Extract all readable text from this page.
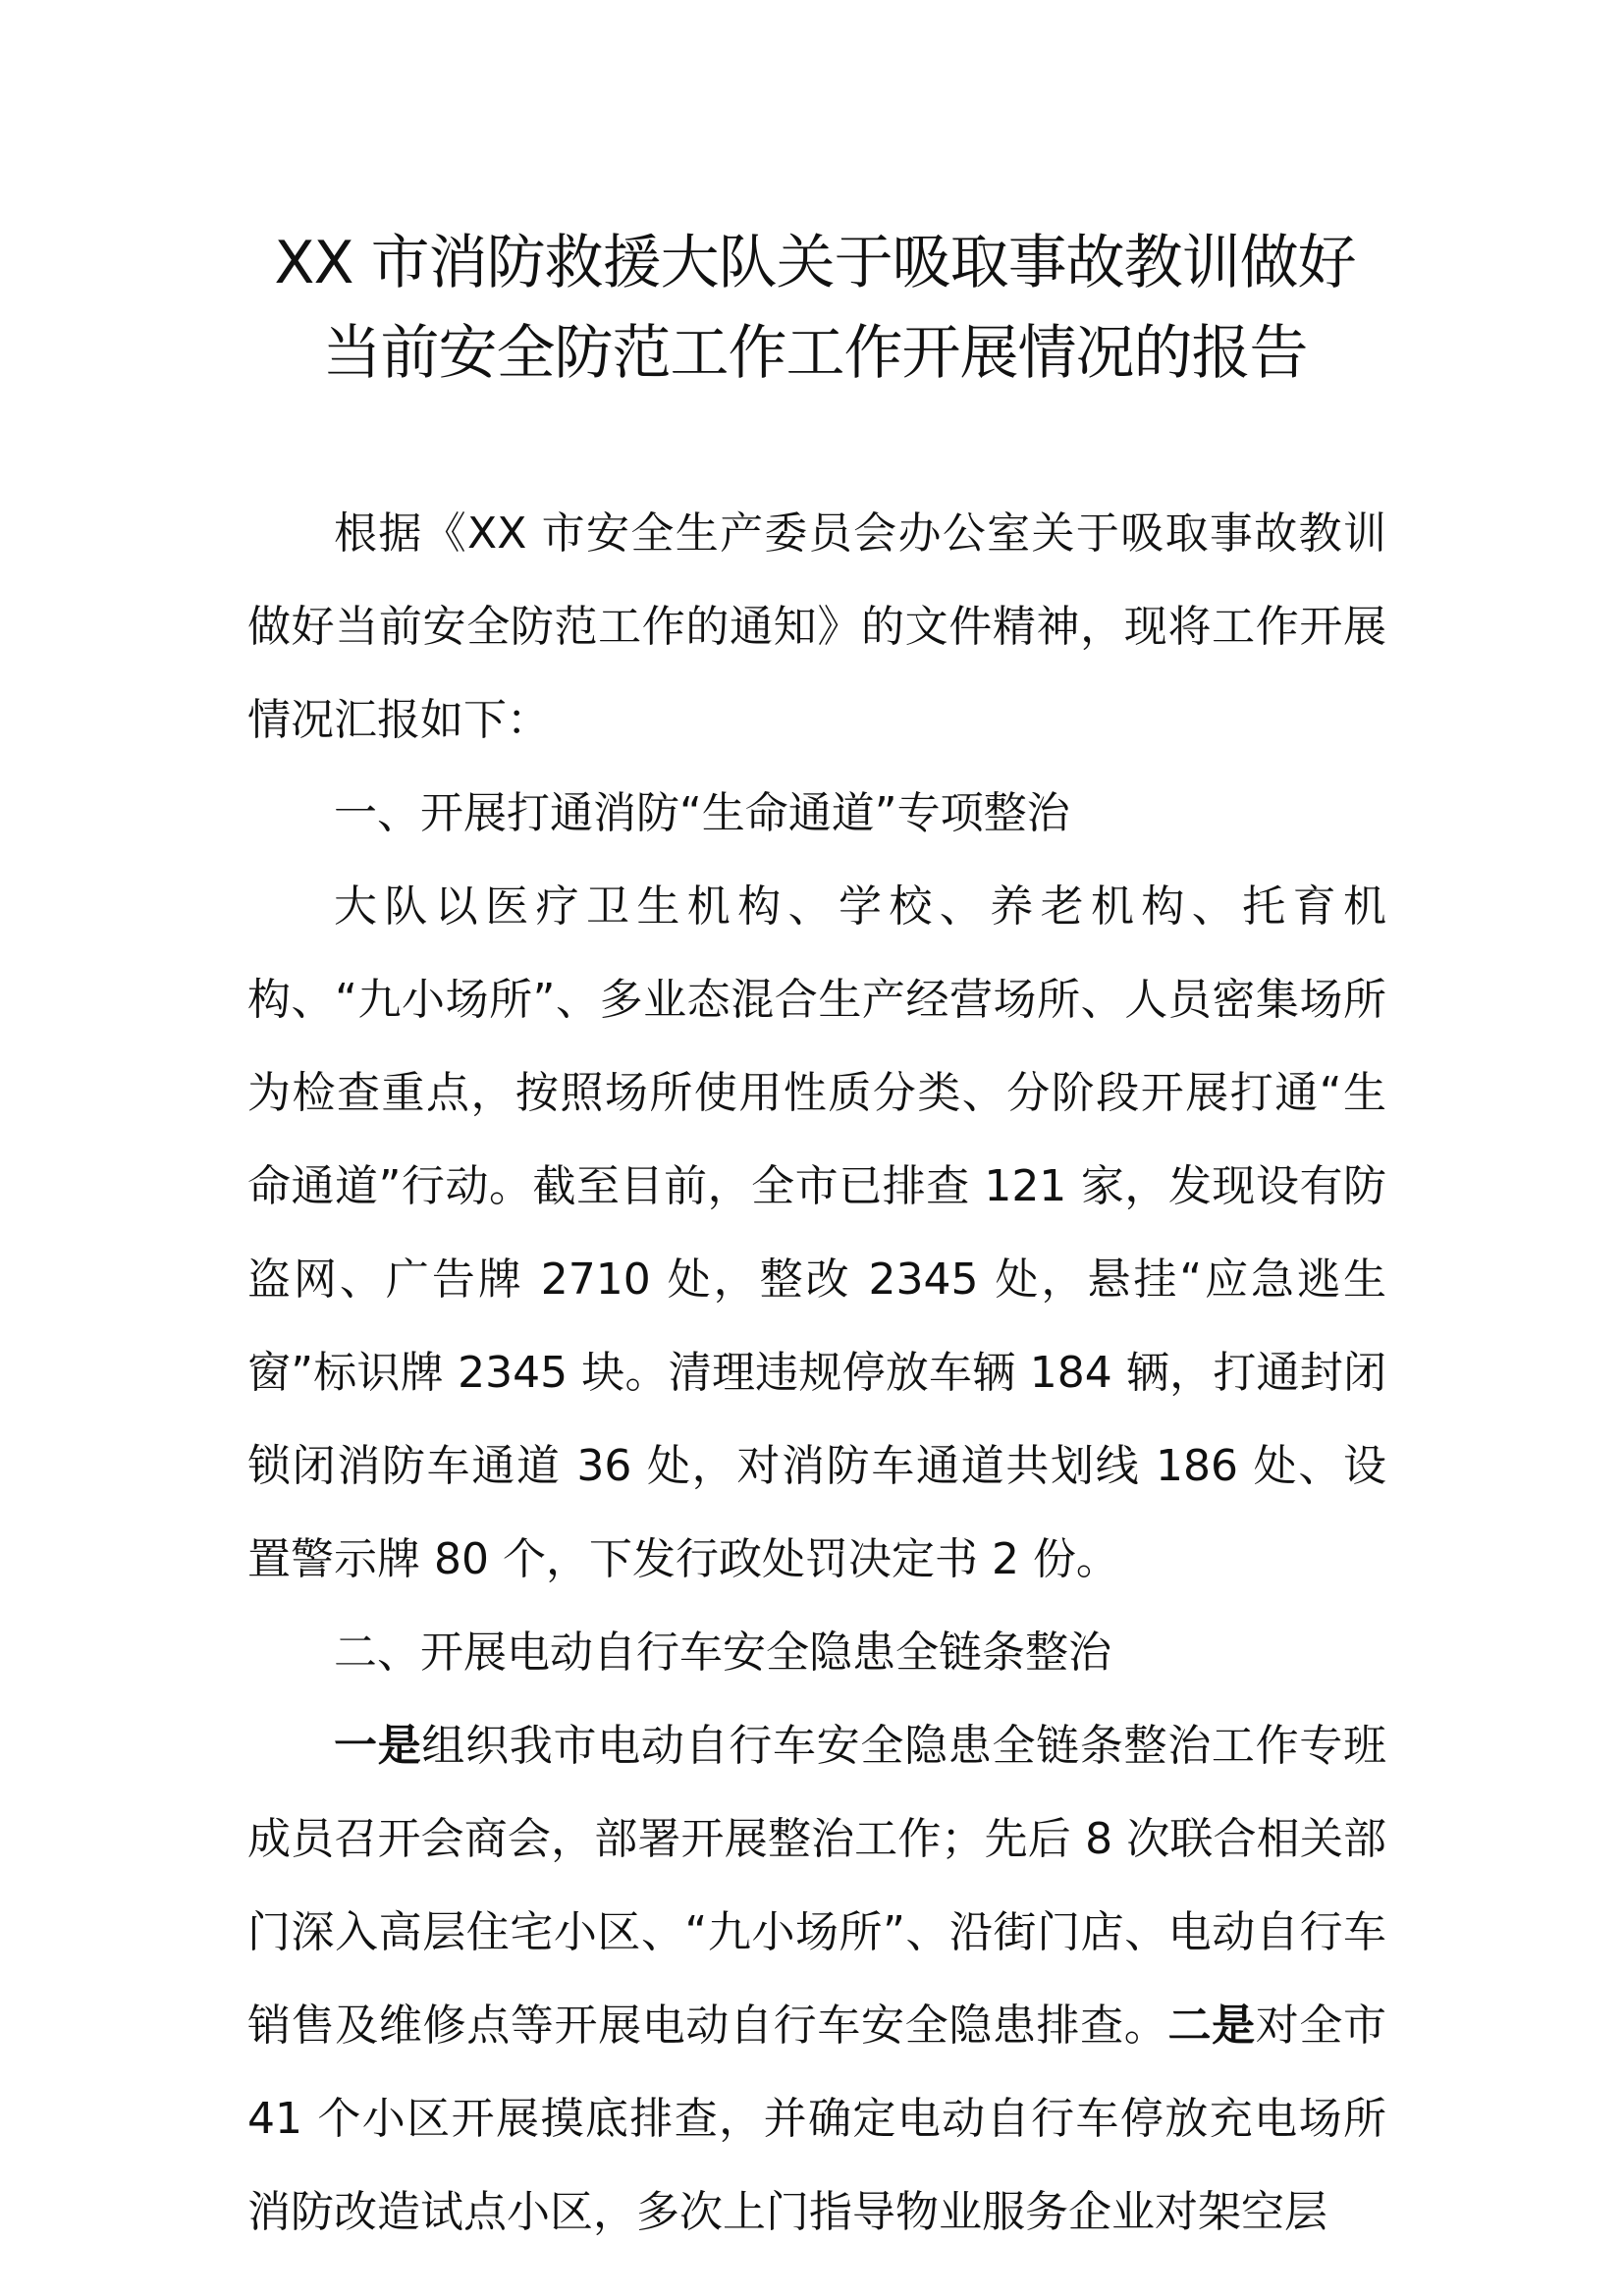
XX 市消防救援大队关于吸取事故教训做好
当前安全防范工作工作开展情况的报告

根据《XX 市安全生产委员会办公室关于吸取事故教训做好当前安全防范工作的通知》的文件精神，现将工作开展情况汇报如下：

一、开展打通消防“生命通道”专项整治

大队以医疗卫生机构、学校、养老机构、托育机构、“九小场所”、多业态混合生产经营场所、人员密集场所为检查重点，按照场所使用性质分类、分阶段开展打通“生命通道”行动。截至目前，全市已排查 121 家，发现设有防盗网、广告牌 2710 处，整改 2345 处，悬挂“应急逃生窗”标识牌 2345 块。清理违规停放车辆 184 辆，打通封闭锁闭消防车通道 36 处，对消防车通道共划线 186 处、设置警示牌 80 个，下发行政处罚决定书 2 份。

二、开展电动自行车安全隐患全链条整治

一是组织我市电动自行车安全隐患全链条整治工作专班成员召开会商会，部署开展整治工作；先后 8 次联合相关部门深入高层住宅小区、“九小场所”、沿街门店、电动自行车销售及维修点等开展电动自行车安全隐患排查。二是对全市 41 个小区开展摸底排查，并确定电动自行车停放充电场所消防改造试点小区，多次上门指导物业服务企业对架空层
